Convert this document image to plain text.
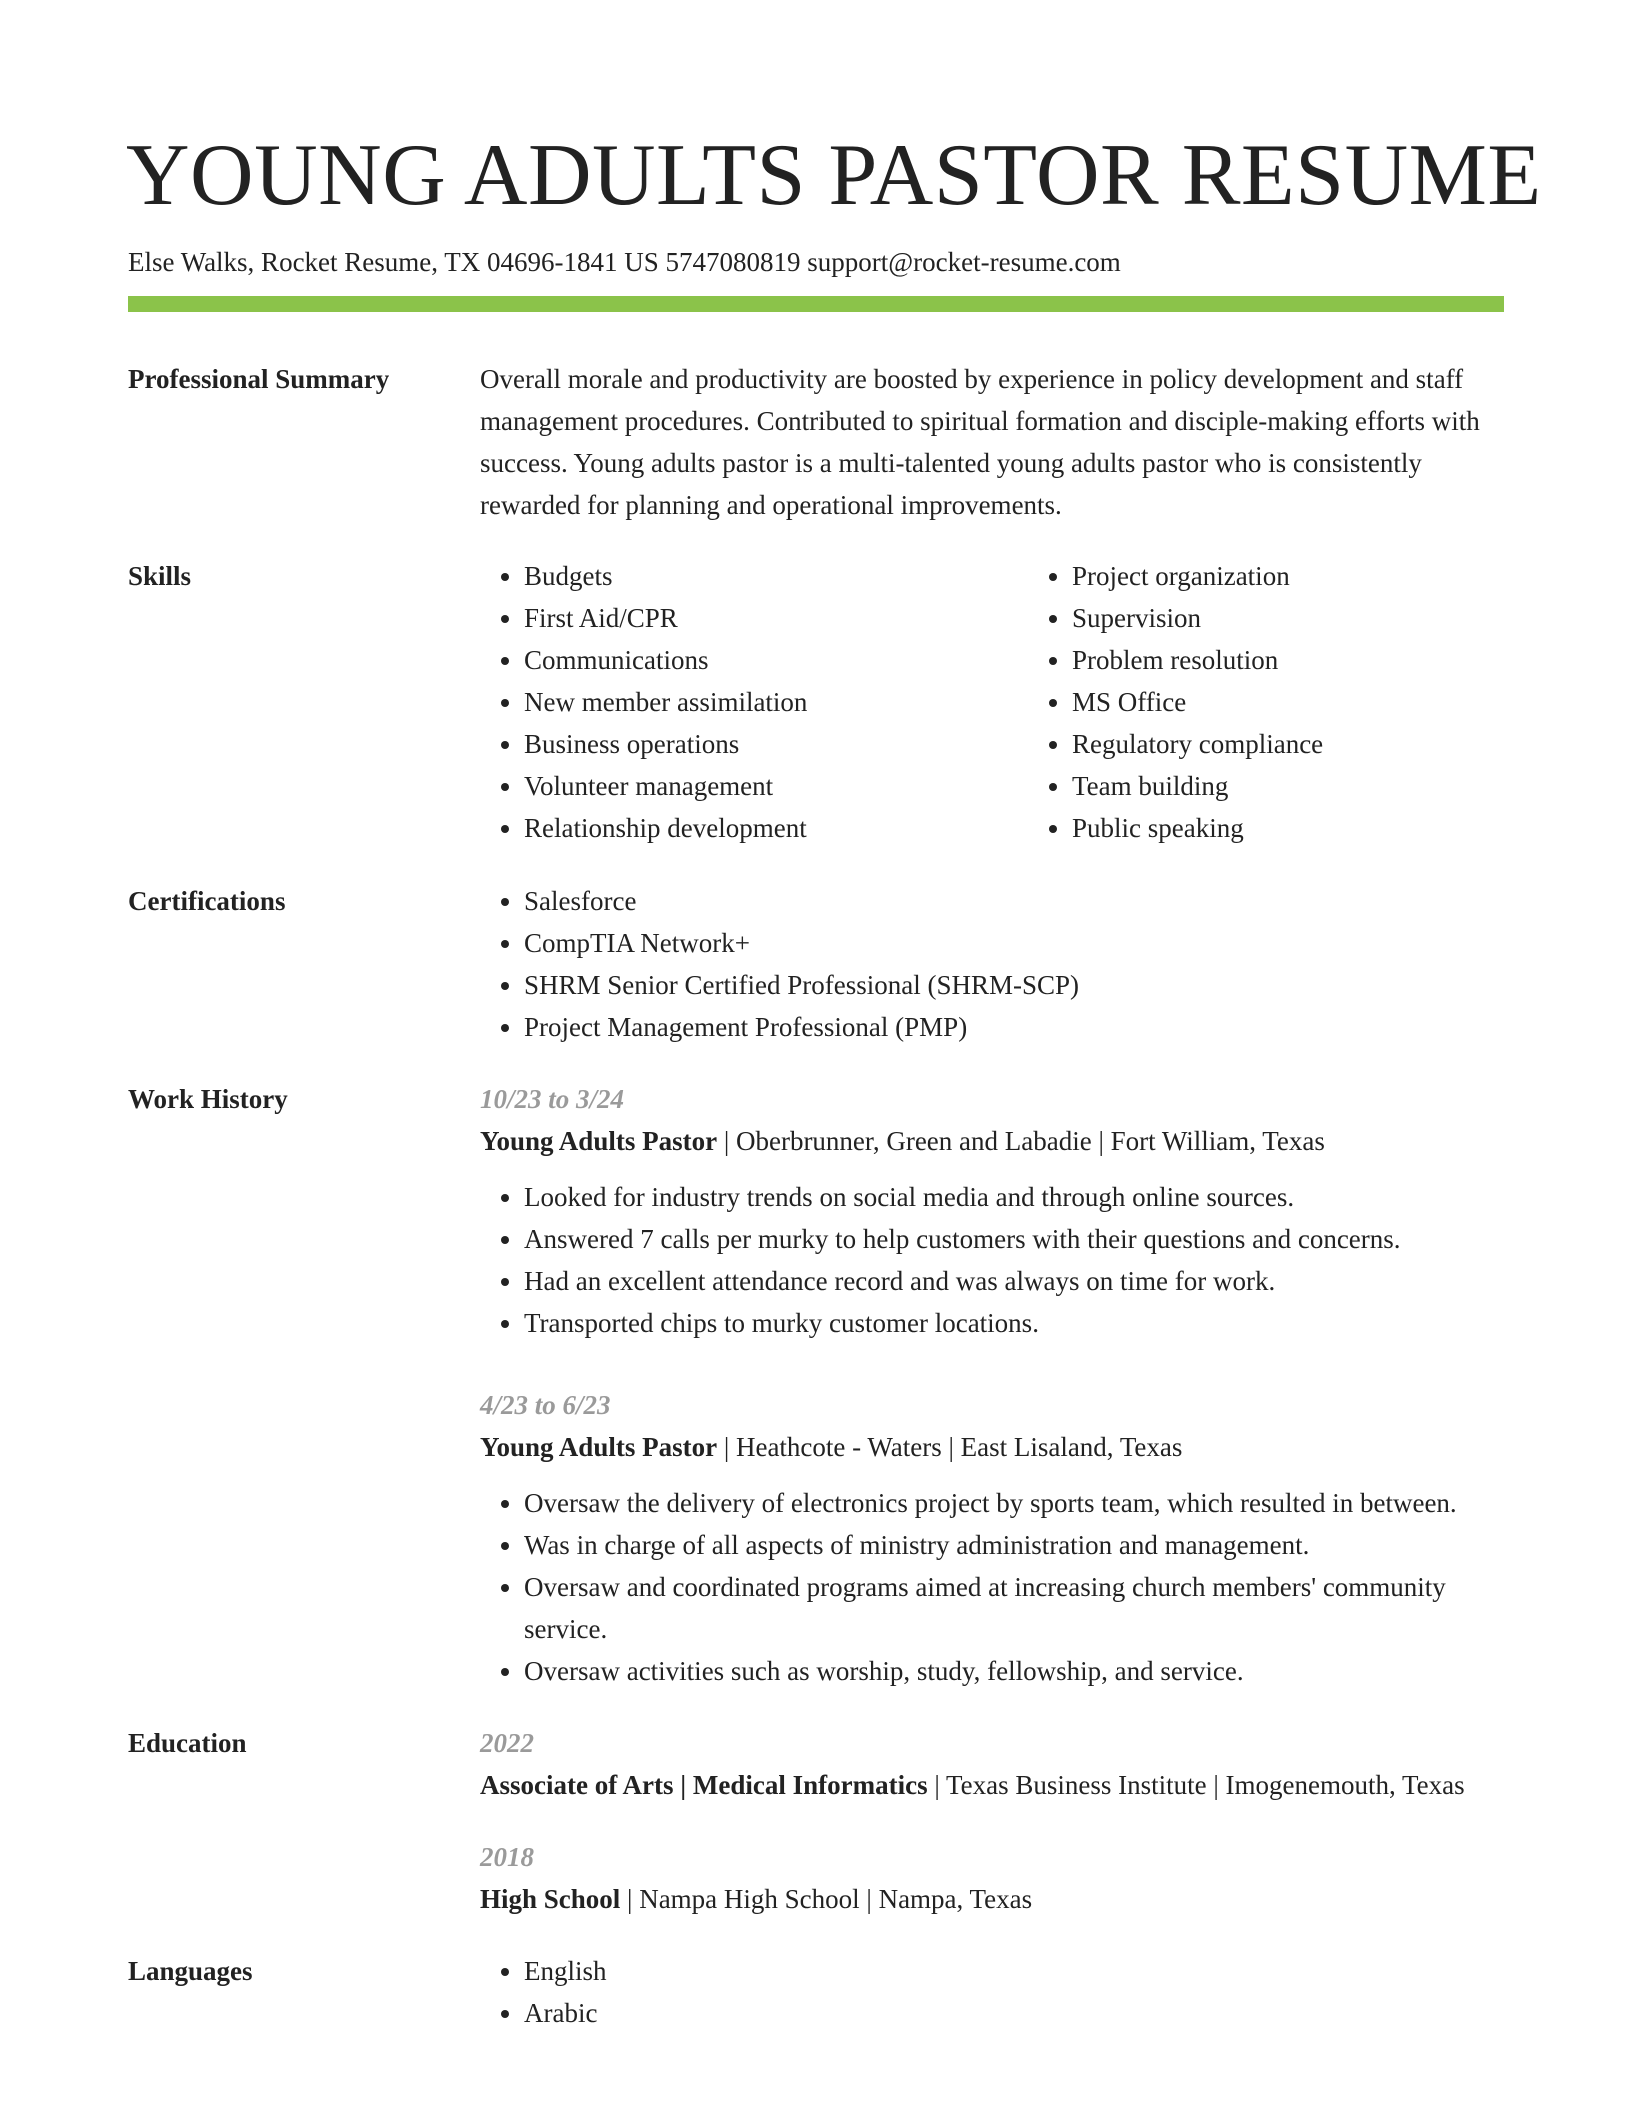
YOUNG ADULTS PASTOR RESUME
Else Walks, Rocket Resume, TX 04696-1841 US 5747080819 support@rocket-resume.com
Professional Summary	Overall morale and productivity are boosted by experience in policy development and staff management procedures. Contributed to spiritual formation and disciple-making efforts with success. Young adults pastor is a multi-talented young adults pastor who is consistently rewarded for planning and operational improvements.
Skills	• Budgets
• First Aid/CPR
• Communications
• New member assimilation
• Business operations
• Volunteer management
• Relationship development
• Project organization
• Supervision
• Problem resolution
• MS Office
• Regulatory compliance
• Team building
• Public speaking
Certifications	• Salesforce
• CompTIA Network+
• SHRM Senior Certified Professional (SHRM-SCP)
• Project Management Professional (PMP)
Work History	10/23 to 3/24
Young Adults Pastor | Oberbrunner, Green and Labadie | Fort William, Texas
• Looked for industry trends on social media and through online sources.
• Answered 7 calls per murky to help customers with their questions and concerns.
• Had an excellent attendance record and was always on time for work.
• Transported chips to murky customer locations.
4/23 to 6/23
Young Adults Pastor | Heathcote - Waters | East Lisaland, Texas
• Oversaw the delivery of electronics project by sports team, which resulted in between.
• Was in charge of all aspects of ministry administration and management.
• Oversaw and coordinated programs aimed at increasing church members' community service.
• Oversaw activities such as worship, study, fellowship, and service.
Education	2022
Associate of Arts | Medical Informatics | Texas Business Institute | Imogenemouth, Texas
2018
High School | Nampa High School | Nampa, Texas
Languages	• English
• Arabic
